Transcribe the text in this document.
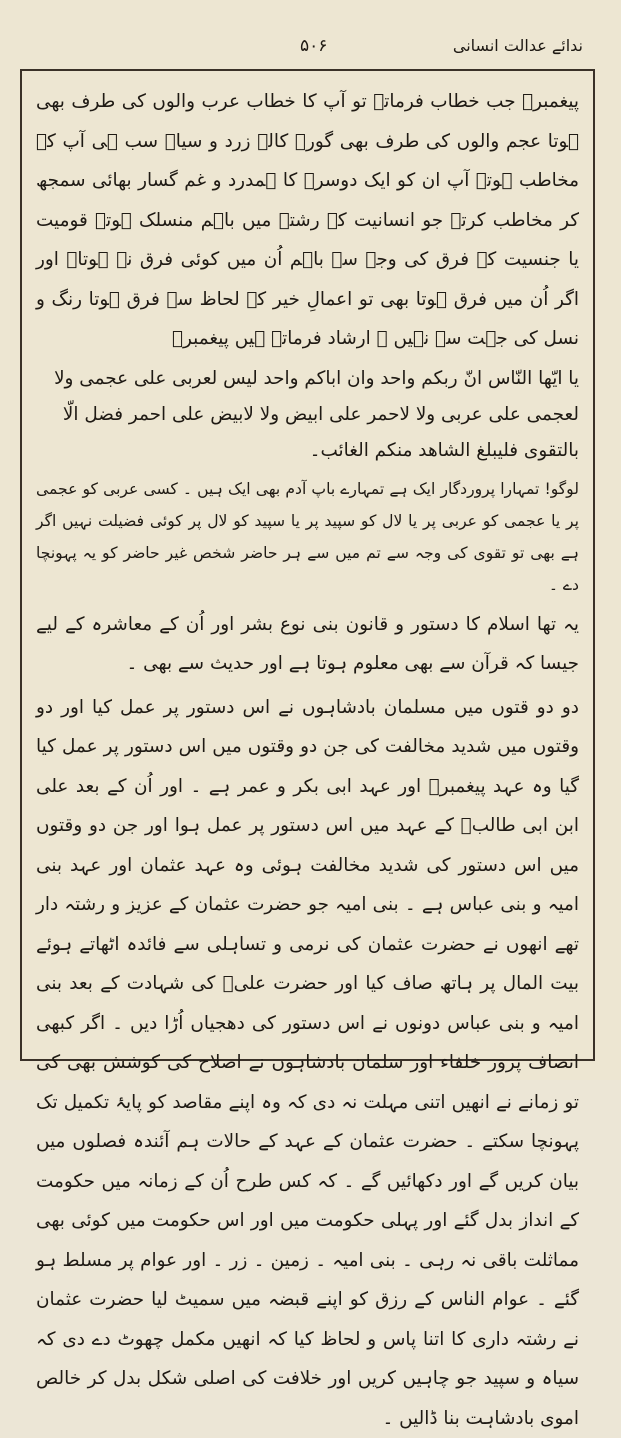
ندائے عدالت انسانی
۵۰۶

پیغمبرؐ جب خطاب فرماتے تو آپ کا خطاب عرب والوں کی طرف بھی ہوتا عجم والوں کی طرف بھی گورے کالے زرد و سیاہ سب ہی آپ کے مخاطب ہوتے آپ ان کو ایک دوسرے کا ہمدرد و غم گسار بھائی سمجھ کر مخاطب کرتے جو انسانیت کے رشتے میں باہم منسلک ہوتے قومیت یا جنسیت کے فرق کی وجہ سے باہم اُن میں کوئی فرق نہ ہوتا۔ اور اگر اُن میں فرق ہوتا بھی تو اعمالِ خیر کے لحاظ سے فرق ہوتا رنگ و نسل کی جہت سے نہیں ۔ ارشاد فرماتے ہیں پیغمبرؐ

یا ایّھا النّاس انّ ربکم واحد وان اباکم واحد لیس لعربی علی عجمی ولا لعجمی علی عربی ولا لاحمر علی ابیض ولا لابیض علی احمر فضل الّا بالتقوی فلیبلغ الشاھد منکم الغائب۔

لوگو! تمہارا پروردگار ایک ہے تمہارے باپ آدم بھی ایک ہیں ۔ کسی عربی کو عجمی پر یا عجمی کو عربی پر یا لال کو سپید پر یا سپید کو لال پر کوئی فضیلت نہیں اگر ہے بھی تو تقوی کی وجہ سے تم میں سے ہر حاضر شخص غیر حاضر کو یہ پہونچا دے ۔

یہ تھا اسلام کا دستور و قانون بنی نوع بشر اور اُن کے معاشرہ کے لیے جیسا کہ قرآن سے بھی معلوم ہوتا ہے اور حدیث سے بھی ۔

دو دو قتوں میں مسلمان بادشاہوں نے اس دستور پر عمل کیا اور دو وقتوں میں شدید مخالفت کی جن دو وقتوں میں اس دستور پر عمل کیا گیا وہ عہد پیغمبرؐ اور عہد ابی بکر و عمر ہے ۔ اور اُن کے بعد علی ابن ابی طالبؑ کے عہد میں اس دستور پر عمل ہوا اور جن دو وقتوں میں اس دستور کی شدید مخالفت ہوئی وہ عہد عثمان اور عہد بنی امیہ و بنی عباس ہے ۔ بنی امیہ جو حضرت عثمان کے عزیز و رشتہ دار تھے انھوں نے حضرت عثمان کی نرمی و تساہلی سے فائدہ اٹھاتے ہوئے بیت المال پر ہاتھ صاف کیا اور حضرت علیؑ کی شہادت کے بعد بنی امیہ و بنی عباس دونوں نے اس دستور کی دھجیاں اُڑا دیں ۔ اگر کبھی انصاف پرور خلفاء اور سلمان بادشاہوں نے اصلاح کی کوشش بھی کی تو زمانے نے انھیں اتنی مہلت نہ دی کہ وہ اپنے مقاصد کو پایۂ تکمیل تک پہونچا سکتے ۔ حضرت عثمان کے عہد کے حالات ہم آئندہ فصلوں میں بیان کریں گے اور دکھائیں گے ۔ کہ کس طرح اُن کے زمانہ میں حکومت کے انداز بدل گئے اور پہلی حکومت میں اور اس حکومت میں کوئی بھی مماثلت باقی نہ رہی ۔ بنی امیہ ۔ زمین ۔ زر ۔ اور عوام پر مسلط ہو گئے ۔ عوام الناس کے رزق کو اپنے قبضہ میں سمیٹ لیا حضرت عثمان نے رشتہ داری کا اتنا پاس و لحاظ کیا کہ انھیں مکمل چھوٹ دے دی کہ سیاہ و سپید جو چاہیں کریں اور خلافت کی اصلی شکل بدل کر خالص اموی بادشاہت بنا ڈالیں ۔
